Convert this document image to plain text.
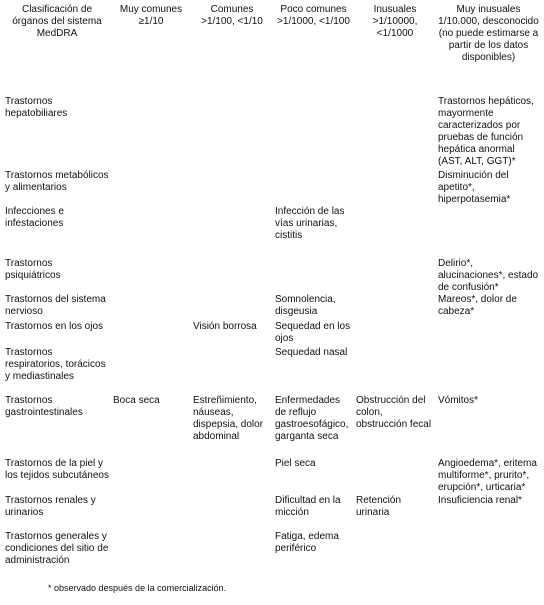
Clasificación de órganos del sistema MedDRA	Muy comunes ≥1/10	Comunes >1/100, <1/10	Poco comunes >1/1000, <1/100	Inusuales >1/10000, <1/1000	Muy inusuales 1/10.000, desconocido (no puede estimarse a partir de los datos disponibles)
Trastornos hepatobiliares					Trastornos hepáticos, mayormente caracterizados por pruebas de función hepática anormal (AST, ALT, GGT)*
Trastornos metabólicos y alimentarios					Disminución del apetito*, hiperpotasemia*
Infecciones e infestaciones			Infección de las vías urinarias, cistitis		
Trastornos psiquiátricos					Delirio*, alucinaciones*, estado de confusión*
Trastornos del sistema nervioso			Somnolencia, disgeusia		Mareos*, dolor de cabeza*
Trastornos en los ojos		Visión borrosa	Sequedad en los ojos		
Trastornos respiratorios, torácicos y mediastinales			Sequedad nasal		
Trastornos gastrointestinales	Boca seca	Estreñimiento, náuseas, dispepsia, dolor abdominal	Enfermedades de reflujo gastroesofágico, garganta seca	Obstrucción del colon, obstrucción fecal	Vómitos*
Trastornos de la piel y los tejidos subcutáneos			Piel seca		Angioedema*, eritema multiforme*, prurito*, erupción*, urticaria*
Trastornos renales y urinarios			Dificultad en la micción	Retención urinaria	Insuficiencia renal*
Trastornos generales y condiciones del sitio de administración			Fatiga, edema periférico		
* observado después de la comercialización.
